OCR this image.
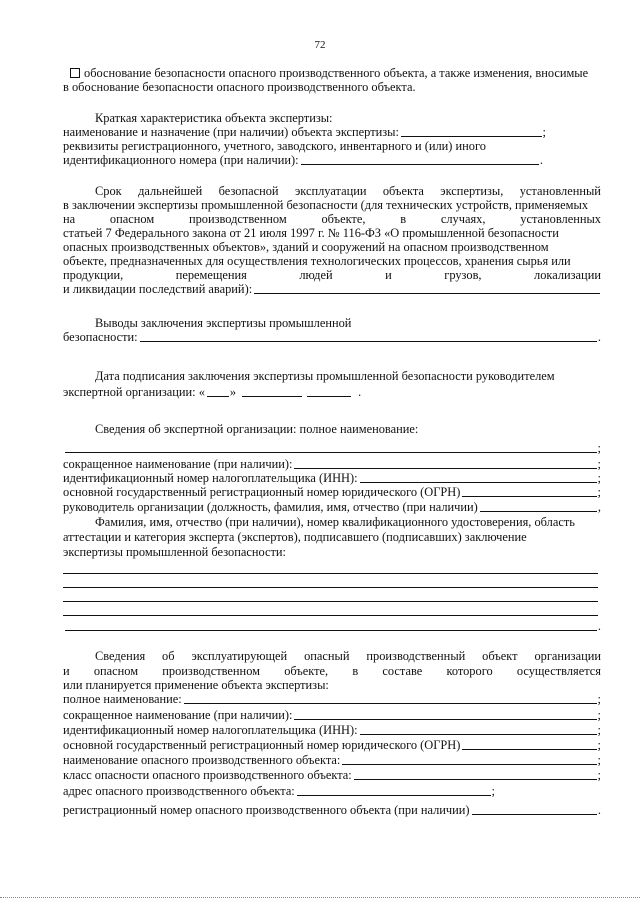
72
обоснование безопасности опасного производственного объекта, а также изменения, вносимые
в обоснование безопасности опасного производственного объекта.
Краткая характеристика объекта экспертизы:
наименование и назначение (при наличии) объекта экспертизы:	;
реквизиты регистрационного, учетного, заводского, инвентарного и (или) иного
идентификационного номера (при наличии):	.
Срок дальнейшей безопасной эксплуатации объекта экспертизы, установленный
в заключении экспертизы промышленной безопасности (для технических устройств, применяемых
на	опасном	производственном	объекте,	в	случаях,	установленных
статьей 7 Федерального закона от 21 июля 1997 г. № 116-ФЗ «О промышленной безопасности
опасных производственных объектов», зданий и сооружений на опасном производственном
объекте, предназначенных для осуществления технологических процессов, хранения сырья или
продукции,	перемещения	людей	и	грузов,	локализации
и ликвидации последствий аварий):
Выводы заключения экспертизы промышленной
безопасности:	.
Дата подписания заключения экспертизы промышленной безопасности руководителем
экспертной организации: « »	.
Сведения об экспертной организации: полное наименование:
;
сокращенное наименование (при наличии):	;
идентификационный номер налогоплательщика (ИНН):	;
основной государственный регистрационный номер юридического (ОГРН)	;
руководитель организации (должность, фамилия, имя, отчество (при наличии)	,
Фамилия, имя, отчество (при наличии), номер квалификационного удостоверения, область
аттестации и категория эксперта (экспертов), подписавшего (подписавших) заключение
экспертизы промышленной безопасности:
.
Сведения об эксплуатирующей опасный производственный объект организации
и опасном производственном объекте, в составе которого осуществляется
или планируется применение объекта экспертизы:
полное наименование:	;
сокращенное наименование (при наличии):	;
идентификационный номер налогоплательщика (ИНН):	;
основной государственный регистрационный номер юридического (ОГРН)	;
наименование опасного производственного объекта:	;
класс опасности опасного производственного объекта:	;
адрес опасного производственного объекта:	;
регистрационный номер опасного производственного объекта (при наличии)	.
